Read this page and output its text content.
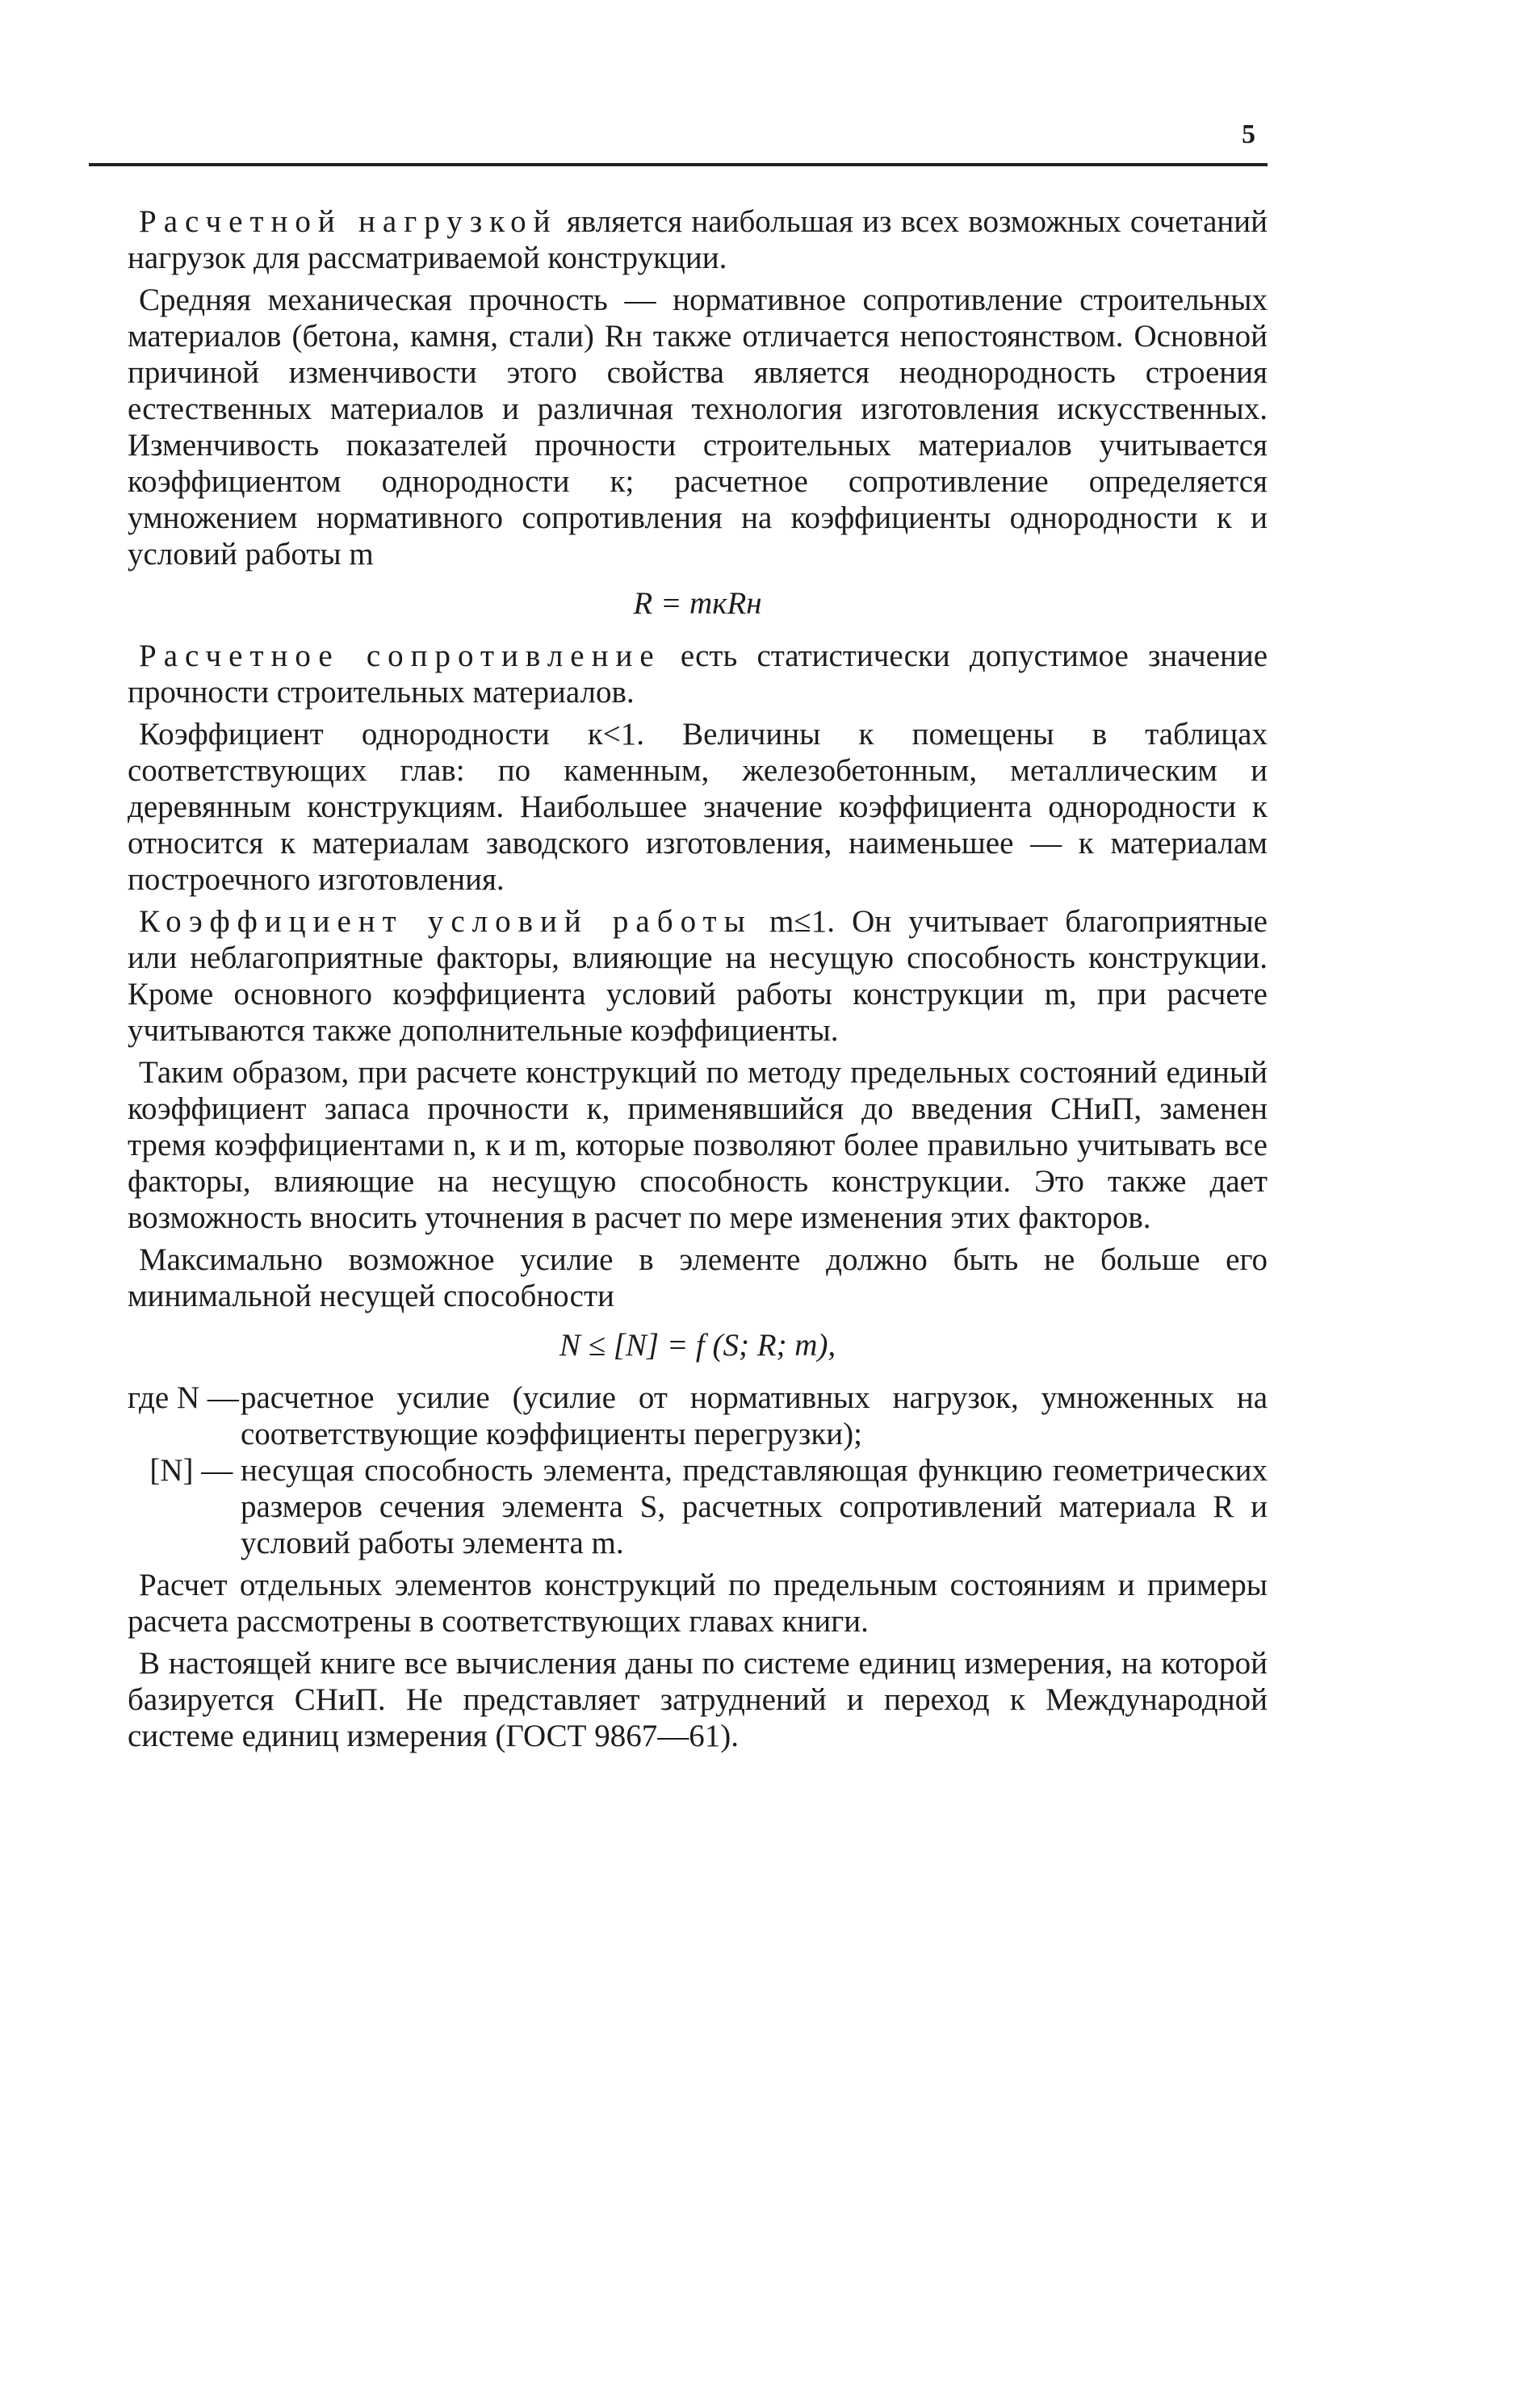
5

Расчетной нагрузкой является наибольшая из всех возможных сочетаний нагрузок для рассматриваемой конструкции.

Средняя механическая прочность — нормативное сопротивление строительных материалов (бетона, камня, стали) Rн также отличается непостоянством. Основной причиной изменчивости этого свойства является неоднородность строения естественных материалов и различная технология изготовления искусственных. Изменчивость показателей прочности строительных материалов учитывается коэффициентом однородности к; расчетное сопротивление определяется умножением нормативного сопротивления на коэффициенты однородности к и условий работы m

R = mкRн

Расчетное сопротивление есть статистически допустимое значение прочности строительных материалов.

Коэффициент однородности к<1. Величины к помещены в таблицах соответствующих глав: по каменным, железобетонным, металлическим и деревянным конструкциям. Наибольшее значение коэффициента однородности к относится к материалам заводского изготовления, наименьшее — к материалам построечного изготовления.

Коэффициент условий работы m≤1. Он учитывает благоприятные или неблагоприятные факторы, влияющие на несущую способность конструкции. Кроме основного коэффициента условий работы конструкции m, при расчете учитываются также дополнительные коэффициенты.

Таким образом, при расчете конструкций по методу предельных состояний единый коэффициент запаса прочности к, применявшийся до введения СНиП, заменен тремя коэффициентами n, к и m, которые позволяют более правильно учитывать все факторы, влияющие на несущую способность конструкции. Это также дает возможность вносить уточнения в расчет по мере изменения этих факторов.

Максимально возможное усилие в элементе должно быть не больше его минимальной несущей способности

N ≤ [N] = f (S; R; m),

где N —
расчетное усилие (усилие от нормативных нагрузок, умноженных на соответствующие коэффициенты перегрузки);
[N] — несущая способность элемента, представляющая функцию геометрических размеров сечения элемента S, расчетных сопротивлений материала R и условий работы элемента m.

Расчет отдельных элементов конструкций по предельным состояниям и примеры расчета рассмотрены в соответствующих главах книги.

В настоящей книге все вычисления даны по системе единиц измерения, на которой базируется СНиП. Не представляет затруднений и переход к Международной системе единиц измерения (ГОСТ 9867—61).
